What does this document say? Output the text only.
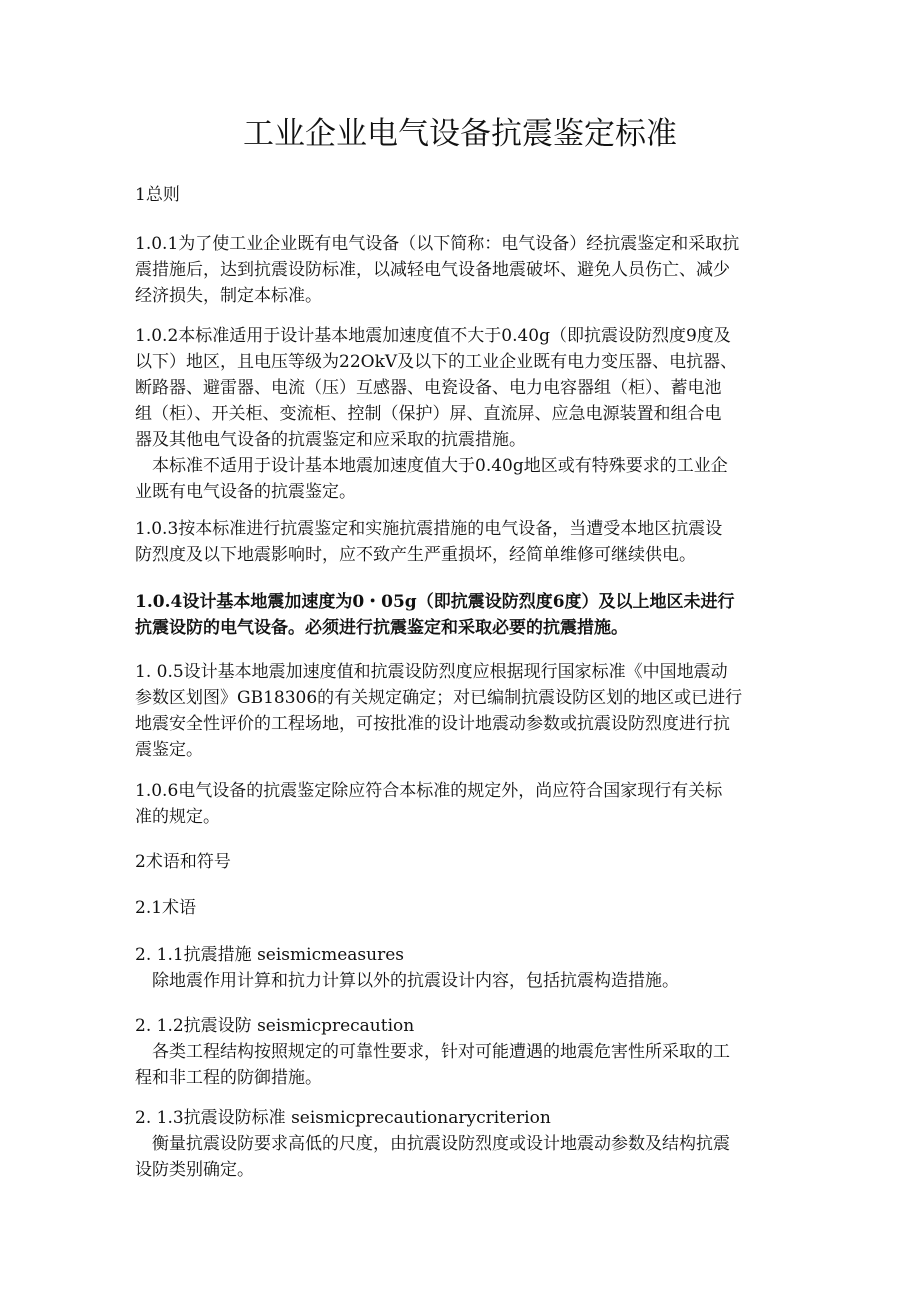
工业企业电气设备抗震鉴定标准

1总则

1.0.1为了使工业企业既有电气设备（以下简称：电气设备）经抗震鉴定和采取抗
震措施后，达到抗震设防标准，以减轻电气设备地震破坏、避免人员伤亡、减少
经济损失，制定本标准。
1.0.2本标准适用于设计基本地震加速度值不大于0.40g（即抗震设防烈度9度及
以下）地区，且电压等级为22OkV及以下的工业企业既有电力变压器、电抗器、
断路器、避雷器、电流（压）互感器、电瓷设备、电力电容器组（柜）、蓄电池
组（柜）、开关柜、变流柜、控制（保护）屏、直流屏、应急电源装置和组合电
器及其他电气设备的抗震鉴定和应采取的抗震措施。
本标准不适用于设计基本地震加速度值大于0.40g地区或有特殊要求的工业企
业既有电气设备的抗震鉴定。
1.0.3按本标准进行抗震鉴定和实施抗震措施的电气设备，当遭受本地区抗震设
防烈度及以下地震影响时，应不致产生严重损坏，经简单维修可继续供电。
1.0.4设计基本地震加速度为0・05g（即抗震设防烈度6度）及以上地区未进行
抗震设防的电气设备。必须进行抗震鉴定和采取必要的抗震措施。
1. 0.5设计基本地震加速度值和抗震设防烈度应根据现行国家标准《中国地震动
参数区划图》GB18306的有关规定确定；对已编制抗震设防区划的地区或已进行
地震安全性评价的工程场地，可按批准的设计地震动参数或抗震设防烈度进行抗
震鉴定。
1.0.6电气设备的抗震鉴定除应符合本标准的规定外，尚应符合国家现行有关标
准的规定。

2术语和符号

2.1术语

2. 1.1抗震措施 seismicmeasures
除地震作用计算和抗力计算以外的抗震设计内容，包括抗震构造措施。
2. 1.2抗震设防 seismicprecaution
各类工程结构按照规定的可靠性要求，针对可能遭遇的地震危害性所采取的工
程和非工程的防御措施。
2. 1.3抗震设防标准 seismicprecautionarycriterion
衡量抗震设防要求高低的尺度，由抗震设防烈度或设计地震动参数及结构抗震
设防类别确定。
